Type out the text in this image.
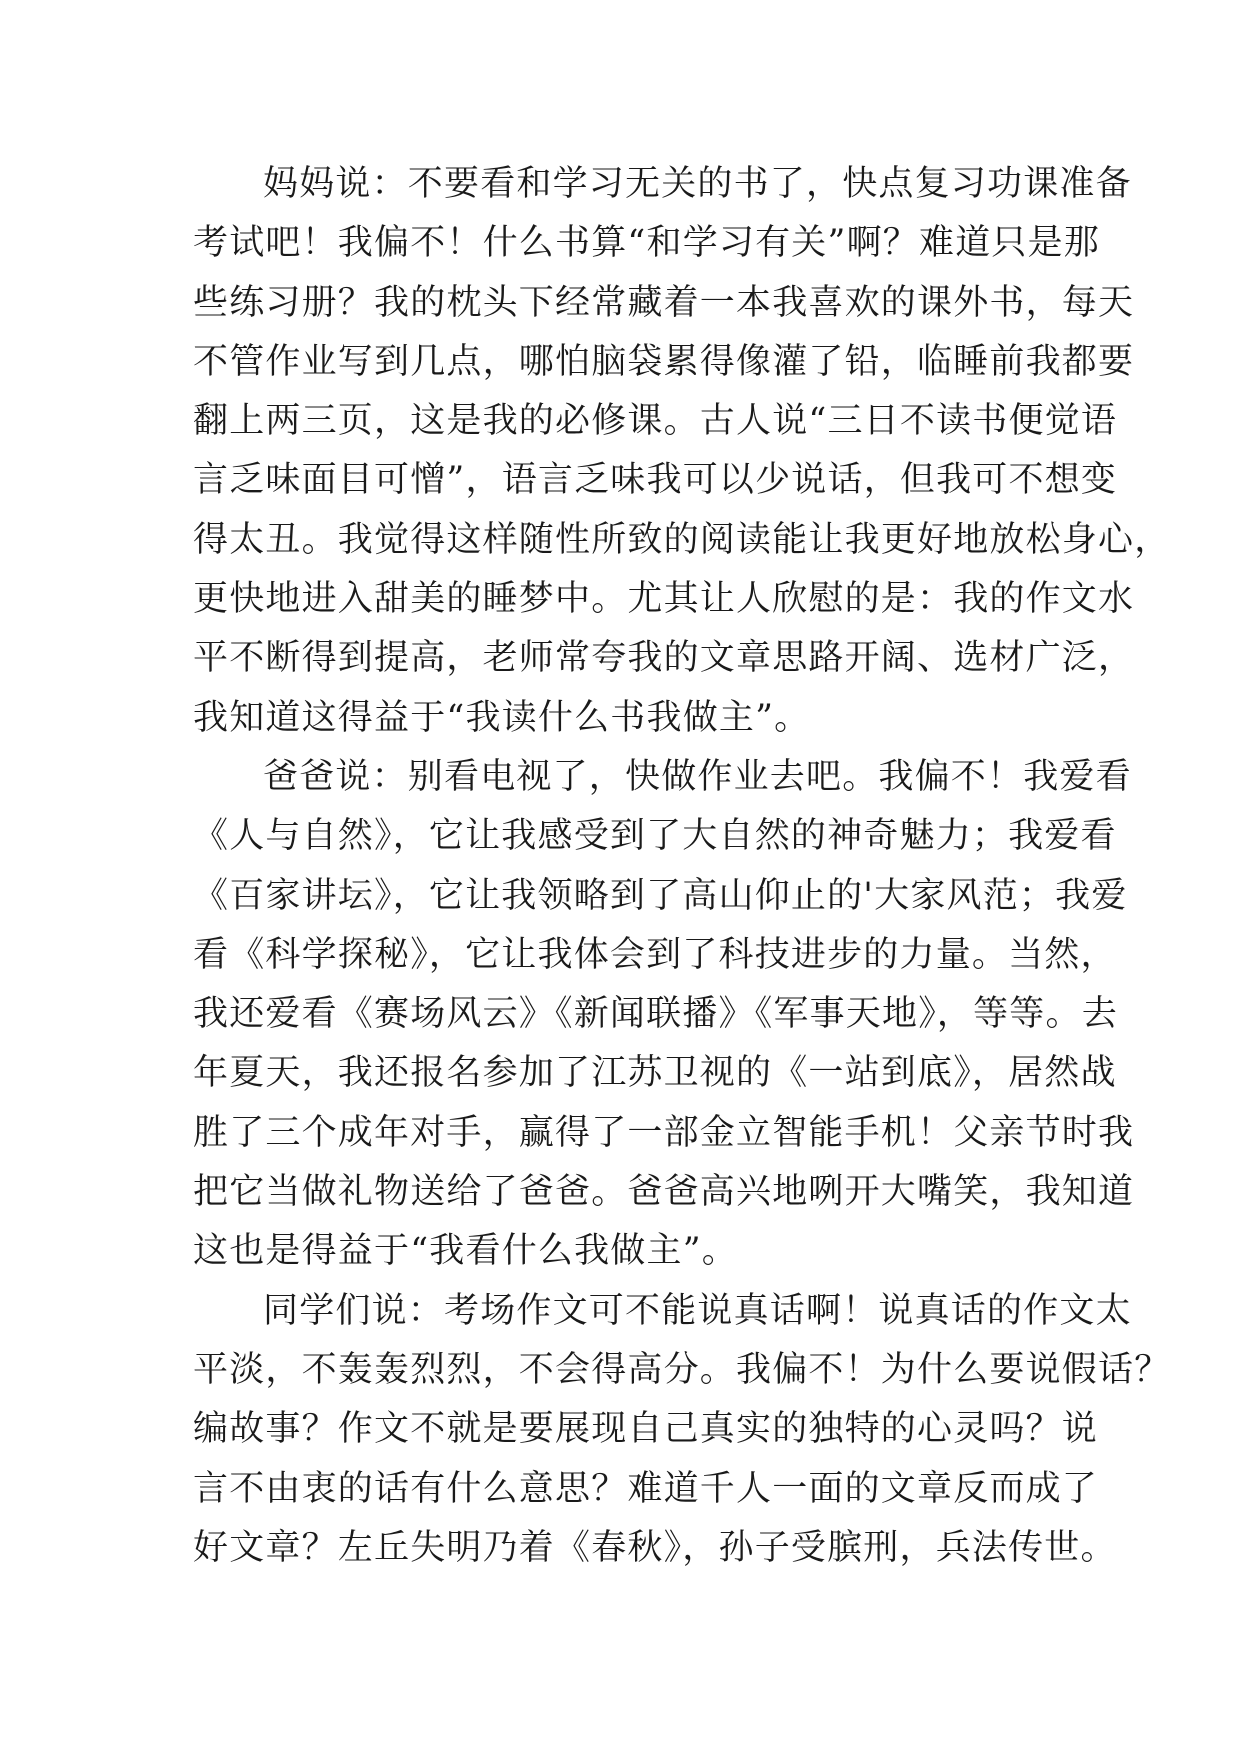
妈妈说：不要看和学习无关的书了，快点复习功课准备
考试吧！我偏不！什么书算“和学习有关”啊？难道只是那
些练习册？我的枕头下经常藏着一本我喜欢的课外书，每天
不管作业写到几点，哪怕脑袋累得像灌了铅，临睡前我都要
翻上两三页，这是我的必修课。古人说“三日不读书便觉语
言乏味面目可憎”，语言乏味我可以少说话，但我可不想变
得太丑。我觉得这样随性所致的阅读能让我更好地放松身心，
更快地进入甜美的睡梦中。尤其让人欣慰的是：我的作文水
平不断得到提高，老师常夸我的文章思路开阔、选材广泛，
我知道这得益于“我读什么书我做主”。

爸爸说：别看电视了，快做作业去吧。我偏不！我爱看
《人与自然》，它让我感受到了大自然的神奇魅力；我爱看
《百家讲坛》，它让我领略到了高山仰止的'大家风范；我爱
看《科学探秘》，它让我体会到了科技进步的力量。当然，
我还爱看《赛场风云》《新闻联播》《军事天地》，等等。去
年夏天，我还报名参加了江苏卫视的《一站到底》，居然战
胜了三个成年对手，赢得了一部金立智能手机！父亲节时我
把它当做礼物送给了爸爸。爸爸高兴地咧开大嘴笑，我知道
这也是得益于“我看什么我做主”。

同学们说：考场作文可不能说真话啊！说真话的作文太
平淡，不轰轰烈烈，不会得高分。我偏不！为什么要说假话？
编故事？作文不就是要展现自己真实的独特的心灵吗？说
言不由衷的话有什么意思？难道千人一面的文章反而成了
好文章？左丘失明乃着《春秋》，孙子受膑刑，兵法传世。
